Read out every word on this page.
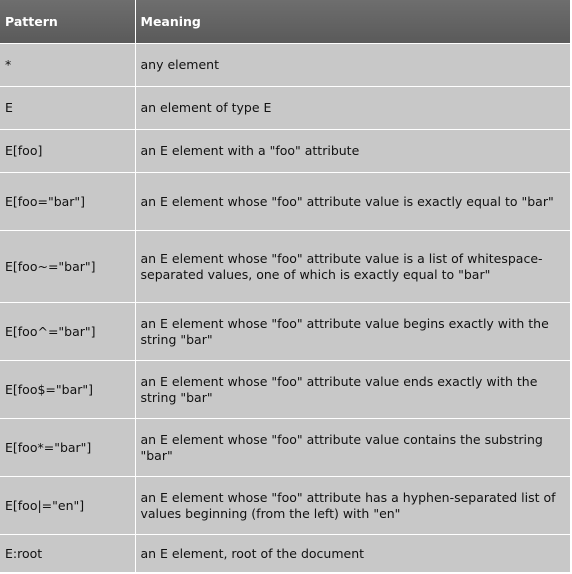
Pattern	Meaning
*	any element
E	an element of type E
E[foo]	an E element with a "foo" attribute
E[foo="bar"]	an E element whose "foo" attribute value is exactly equal to "bar"
E[foo~="bar"]	an E element whose "foo" attribute value is a list of whitespace-separated values, one of which is exactly equal to "bar"
E[foo^="bar"]	an E element whose "foo" attribute value begins exactly with the string "bar"
E[foo$="bar"]	an E element whose "foo" attribute value ends exactly with the string "bar"
E[foo*="bar"]	an E element whose "foo" attribute value contains the substring "bar"
E[foo|="en"]	an E element whose "foo" attribute has a hyphen-separated list of values beginning (from the left) with "en"
E:root	an E element, root of the document
